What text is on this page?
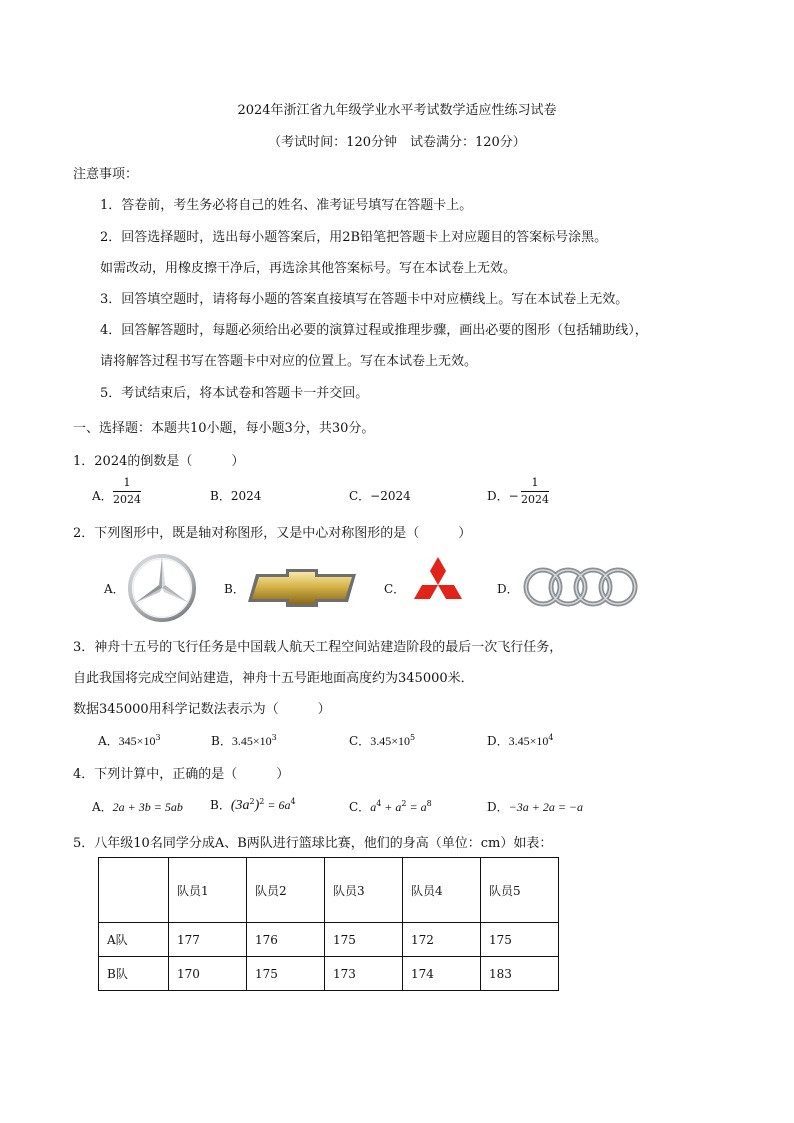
2024年浙江省九年级学业水平考试数学适应性练习试卷
（考试时间：120分钟　试卷满分：120分）
注意事项：
1．答卷前，考生务必将自己的姓名、准考证号填写在答题卡上。
2．回答选择题时，选出每小题答案后，用2B铅笔把答题卡上对应题目的答案标号涂黑。
如需改动，用橡皮擦干净后，再选涂其他答案标号。写在本试卷上无效。
3．回答填空题时，请将每小题的答案直接填写在答题卡中对应横线上。写在本试卷上无效。
4．回答解答题时，每题必须给出必要的演算过程或推理步骤，画出必要的图形（包括辅助线），
请将解答过程书写在答题卡中对应的位置上。写在本试卷上无效。
5．考试结束后，将本试卷和答题卡一并交回。
一、选择题：本题共10小题，每小题3分，共30分。
1．2024的倒数是（　　　）
A．
1
2024	B．2024	C．−2024	D．−
1
2024
2．下列图形中，既是轴对称图形，又是中心对称图形的是（　　　）
A．	B．	C．	D．
3．神舟十五号的飞行任务是中国载人航天工程空间站建造阶段的最后一次飞行任务，
自此我国将完成空间站建造，神舟十五号距地面高度约为345000米．
数据345000用科学记数法表示为（　　　）
A．$345\times 10^3$	B．$3.45\times 10^3$	C．$3.45\times 10^5$	D．$3.45\times 10^4$
4．下列计算中，正确的是（　　　）
A．2a + 3b = 5ab B．$(3a^2)^2 = 6a^4$	C．$a^4 + a^2 = a^8$	D．−3a + 2a = −a
5．八年级10名同学分成A、B两队进行篮球比赛，他们的身高（单位：cm）如表：
	队员1	队员2	队员3	队员4	队员5
A队	177	176	175	172	175
B队	170	175	173	174	183
